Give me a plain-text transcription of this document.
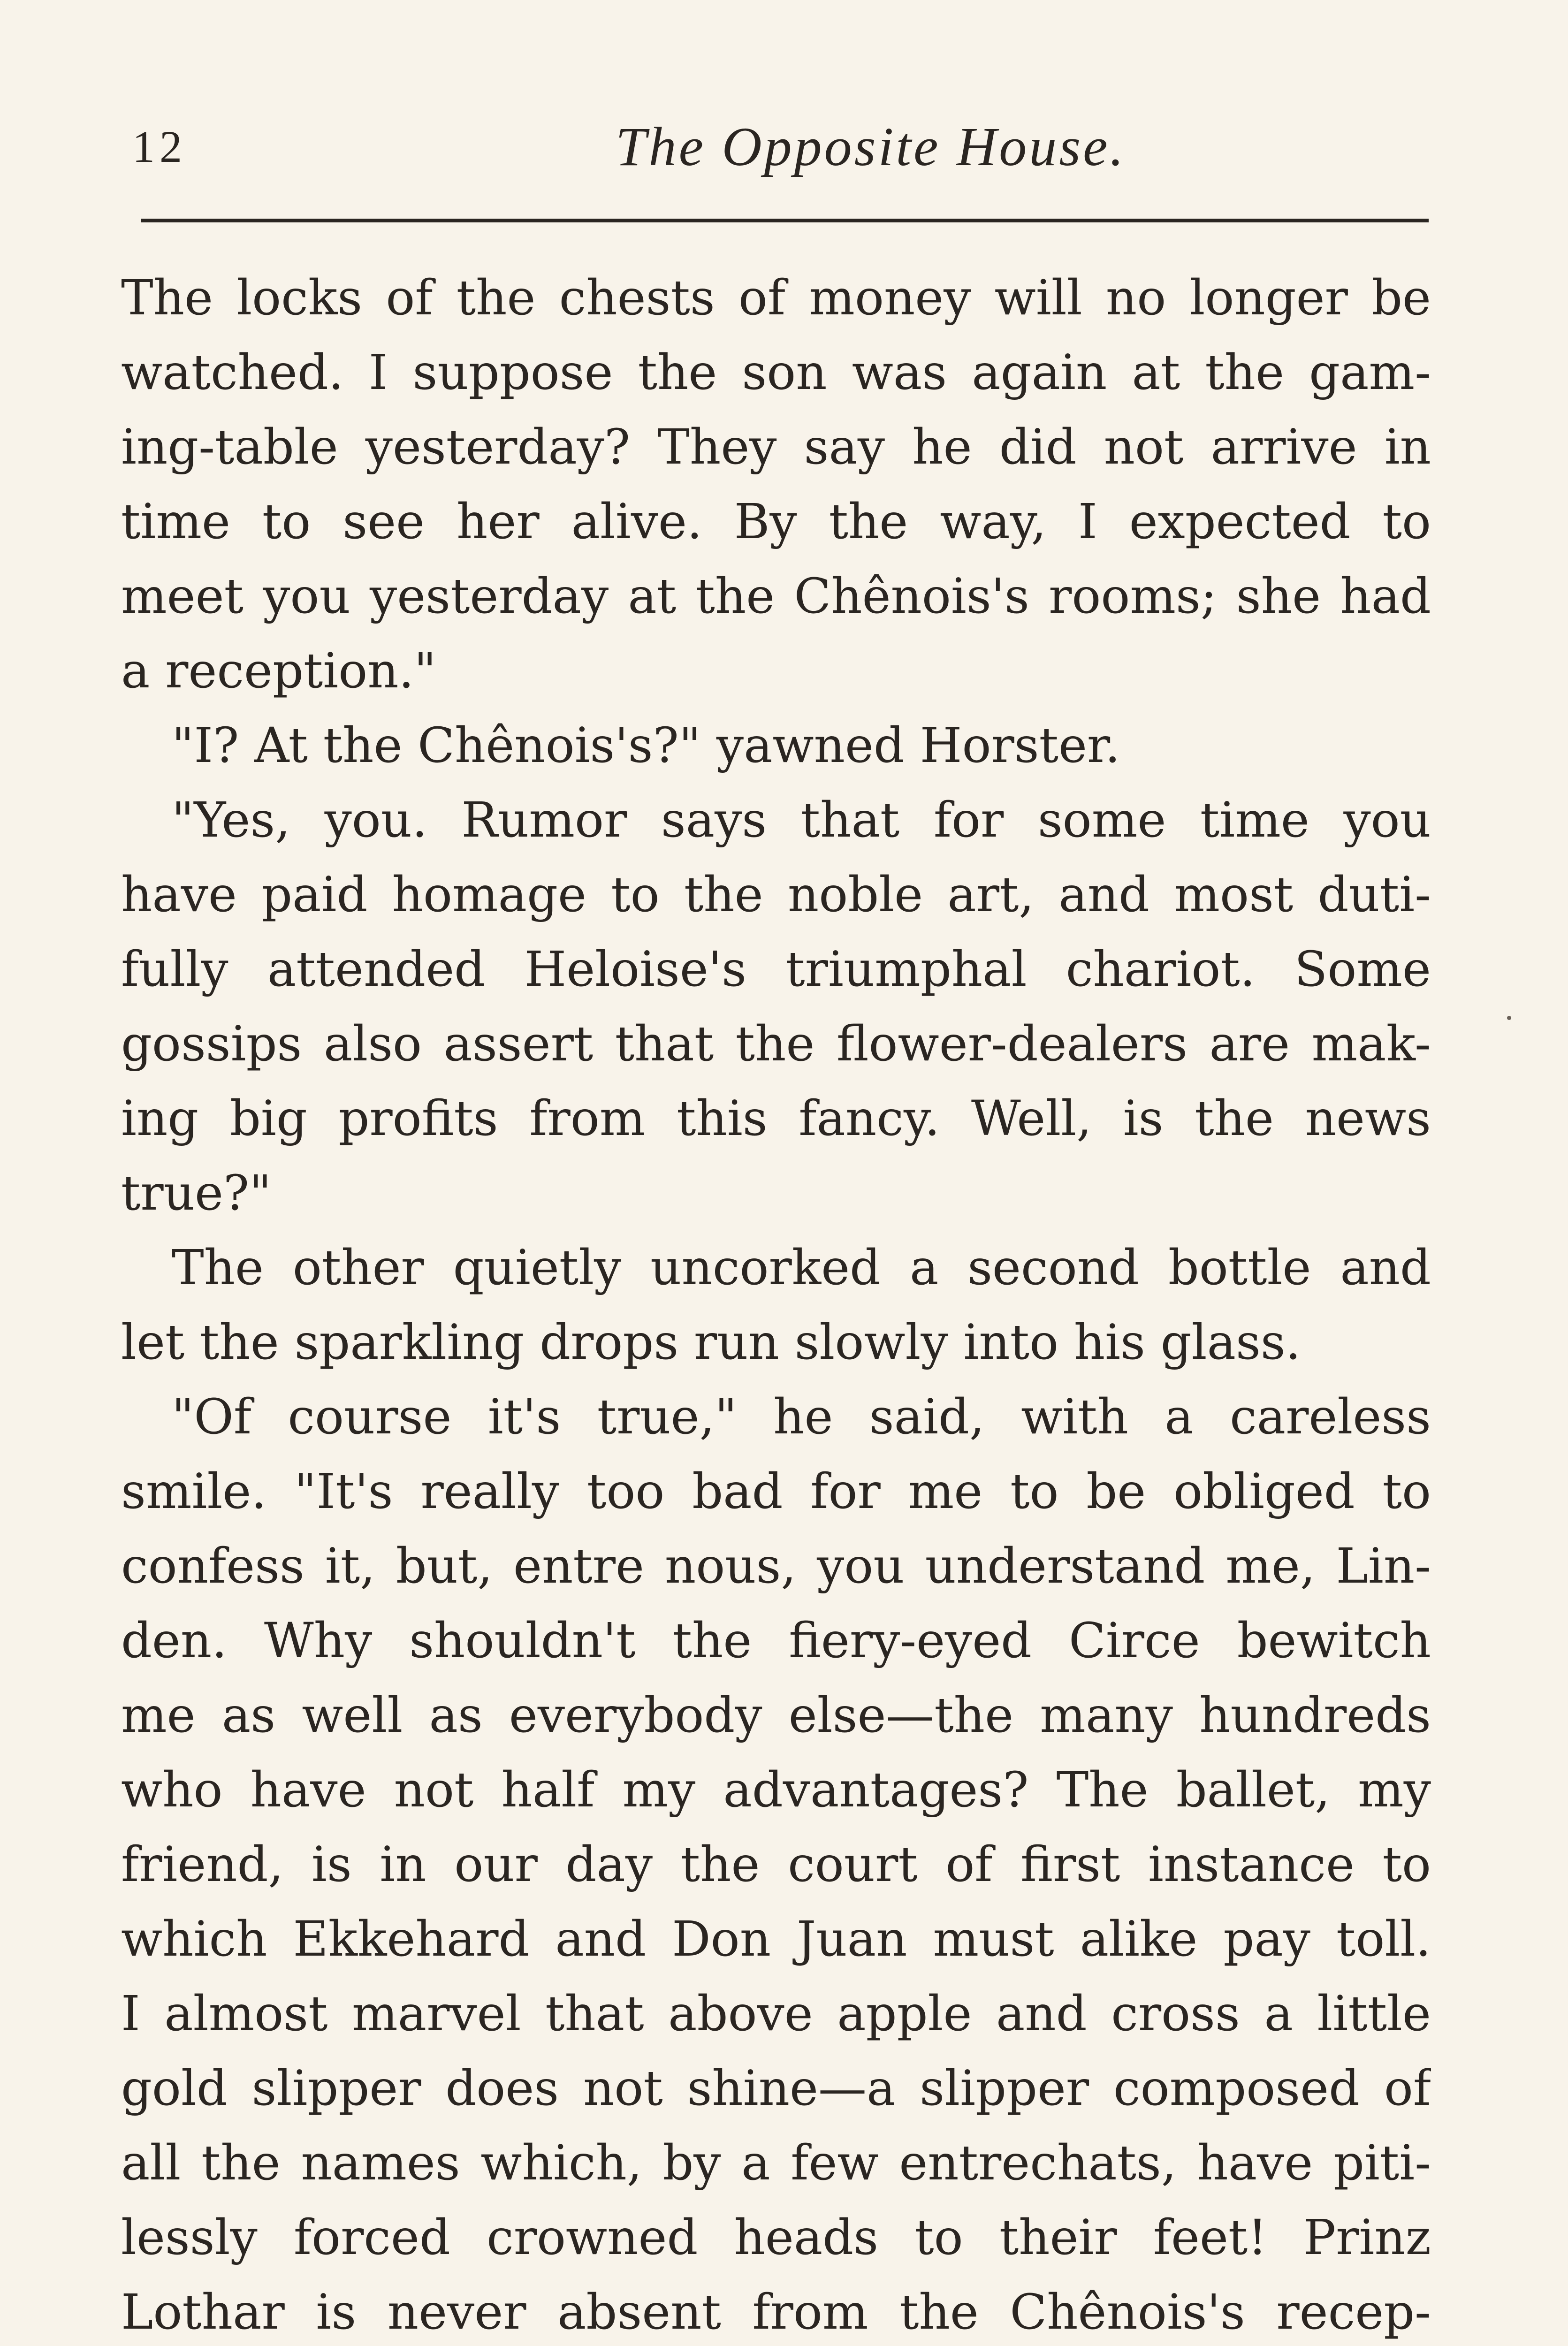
12	The Opposite House.
The locks of the chests of money will no longer be
watched. I suppose the son was again at the gam-
ing-table yesterday? They say he did not arrive in
time to see her alive. By the way, I expected to
meet you yesterday at the Chênois's rooms; she had
a reception."
"I? At the Chênois's?" yawned Horster.
"Yes, you. Rumor says that for some time you
have paid homage to the noble art, and most duti-
fully attended Heloise's triumphal chariot. Some
gossips also assert that the flower-dealers are mak-
ing big profits from this fancy. Well, is the news
true?"
The other quietly uncorked a second bottle and
let the sparkling drops run slowly into his glass.
"Of course it's true," he said, with a careless
smile. "It's really too bad for me to be obliged to
confess it, but, entre nous, you understand me, Lin-
den. Why shouldn't the fiery-eyed Circe bewitch
me as well as everybody else—the many hundreds
who have not half my advantages? The ballet, my
friend, is in our day the court of first instance to
which Ekkehard and Don Juan must alike pay toll.
I almost marvel that above apple and cross a little
gold slipper does not shine—a slipper composed of
all the names which, by a few entrechats, have piti-
lessly forced crowned heads to their feet! Prinz
Lothar is never absent from the Chênois's recep-
